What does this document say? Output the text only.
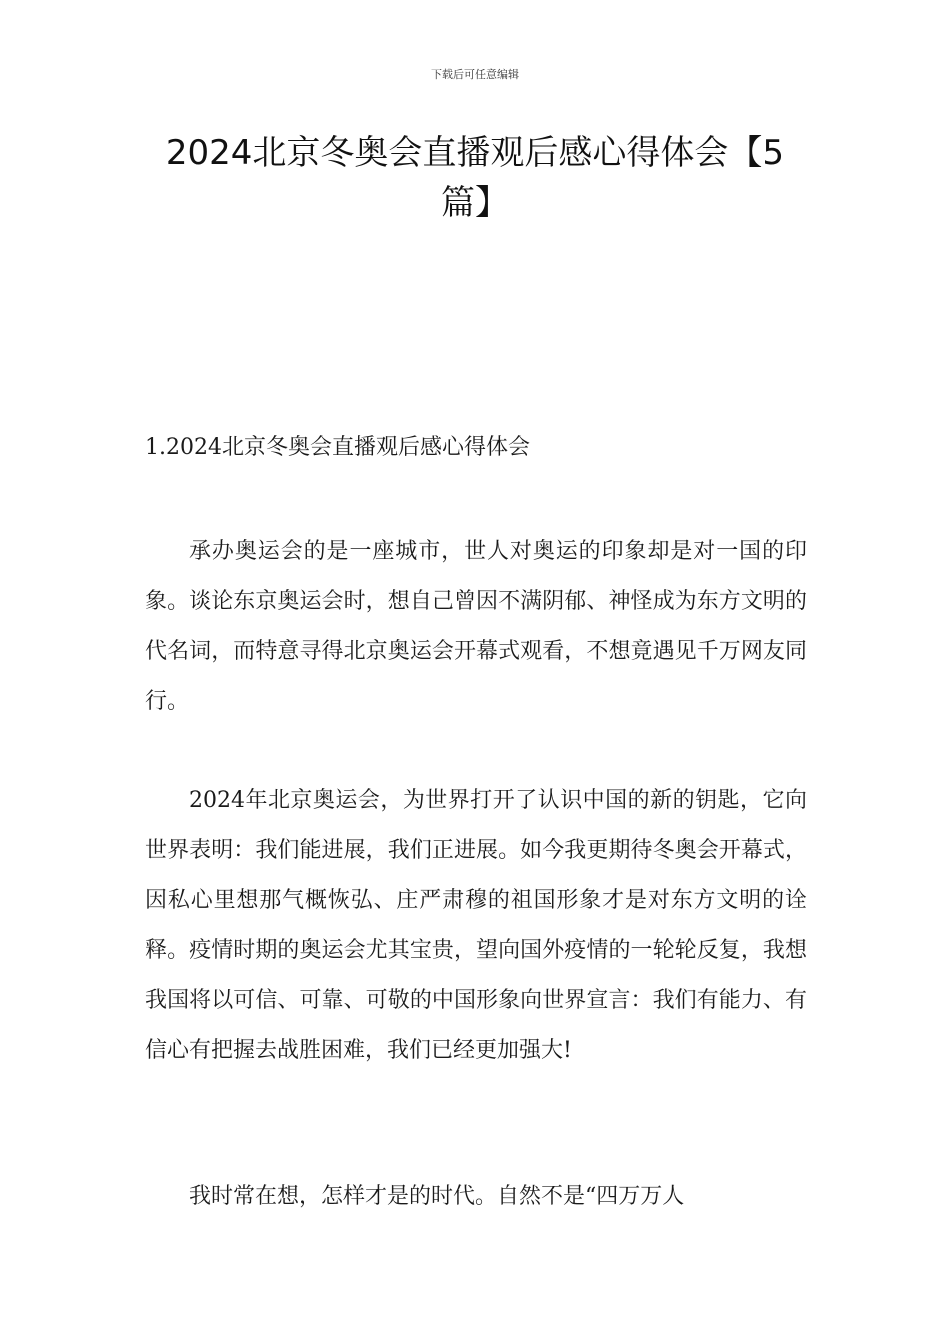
下载后可任意编辑
2024北京冬奥会直播观后感心得体会【5篇】
1.2024北京冬奥会直播观后感心得体会

承办奥运会的是一座城市，世人对奥运的印象却是对一国的印象。谈论东京奥运会时，想自己曾因不满阴郁、神怪成为东方文明的代名词，而特意寻得北京奥运会开幕式观看，不想竟遇见千万网友同行。

2024年北京奥运会，为世界打开了认识中国的新的钥匙，它向世界表明：我们能进展，我们正进展。如今我更期待冬奥会开幕式，因私心里想那气概恢弘、庄严肃穆的祖国形象才是对东方文明的诠释。疫情时期的奥运会尤其宝贵，望向国外疫情的一轮轮反复，我想我国将以可信、可靠、可敬的中国形象向世界宣言：我们有能力、有信心有把握去战胜困难，我们已经更加强大!

我时常在想，怎样才是的时代。自然不是“四万万人
